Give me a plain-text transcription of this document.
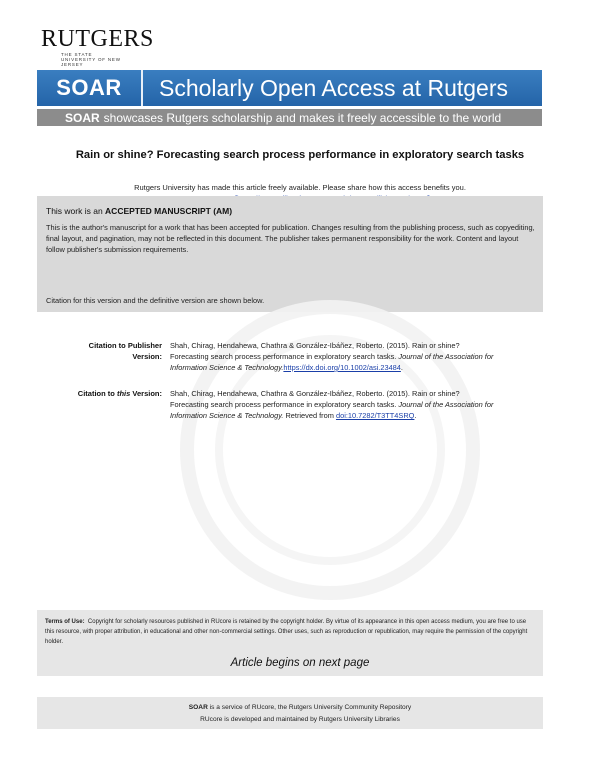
RUTGERS
THE STATE UNIVERSITY OF NEW JERSEY
SOAR	Scholarly Open Access at Rutgers
SOAR showcases Rutgers scholarship and makes it freely accessible to the world
Rain or shine? Forecasting search process performance in exploratory search tasks
Rutgers University has made this article freely available. Please share how this access benefits you.
This work is an ACCEPTED MANUSCRIPT (AM)
This is the author's manuscript for a work that has been accepted for publication. Changes resulting from the publishing process, such as copyediting, final layout, and pagination, may not be reflected in this document. The publisher takes permanent responsibility for the work. Content and layout follow publisher's submission requirements.
Citation for this version and the definitive version are shown below.
Citation to Publisher
Version:
Shah, Chirag, Hendahewa, Chathra & González-Ibáñez, Roberto. (2015). Rain or shine?
Forecasting search process performance in exploratory search tasks. Journal of the Association for
Information Science & Technology.https://dx.doi.org/10.1002/asi.23484.
Citation to this Version: Shah, Chirag, Hendahewa, Chathra & González-Ibáñez, Roberto. (2015). Rain or shine?
Forecasting search process performance in exploratory search tasks. Journal of the Association for
Information Science & Technology. Retrieved from doi:10.7282/T3TT4SRQ.
Terms of Use: Copyright for scholarly resources published in RUcore is retained by the copyright holder. By virtue of its appearance in this open access medium, you are free to use this resource, with proper attribution, in educational and other non-commercial settings. Other uses, such as reproduction or republication, may require the permission of the copyright holder.
Article begins on next page
SOAR is a service of RUcore, the Rutgers University Community Repository
RUcore is developed and maintained by Rutgers University Libraries
